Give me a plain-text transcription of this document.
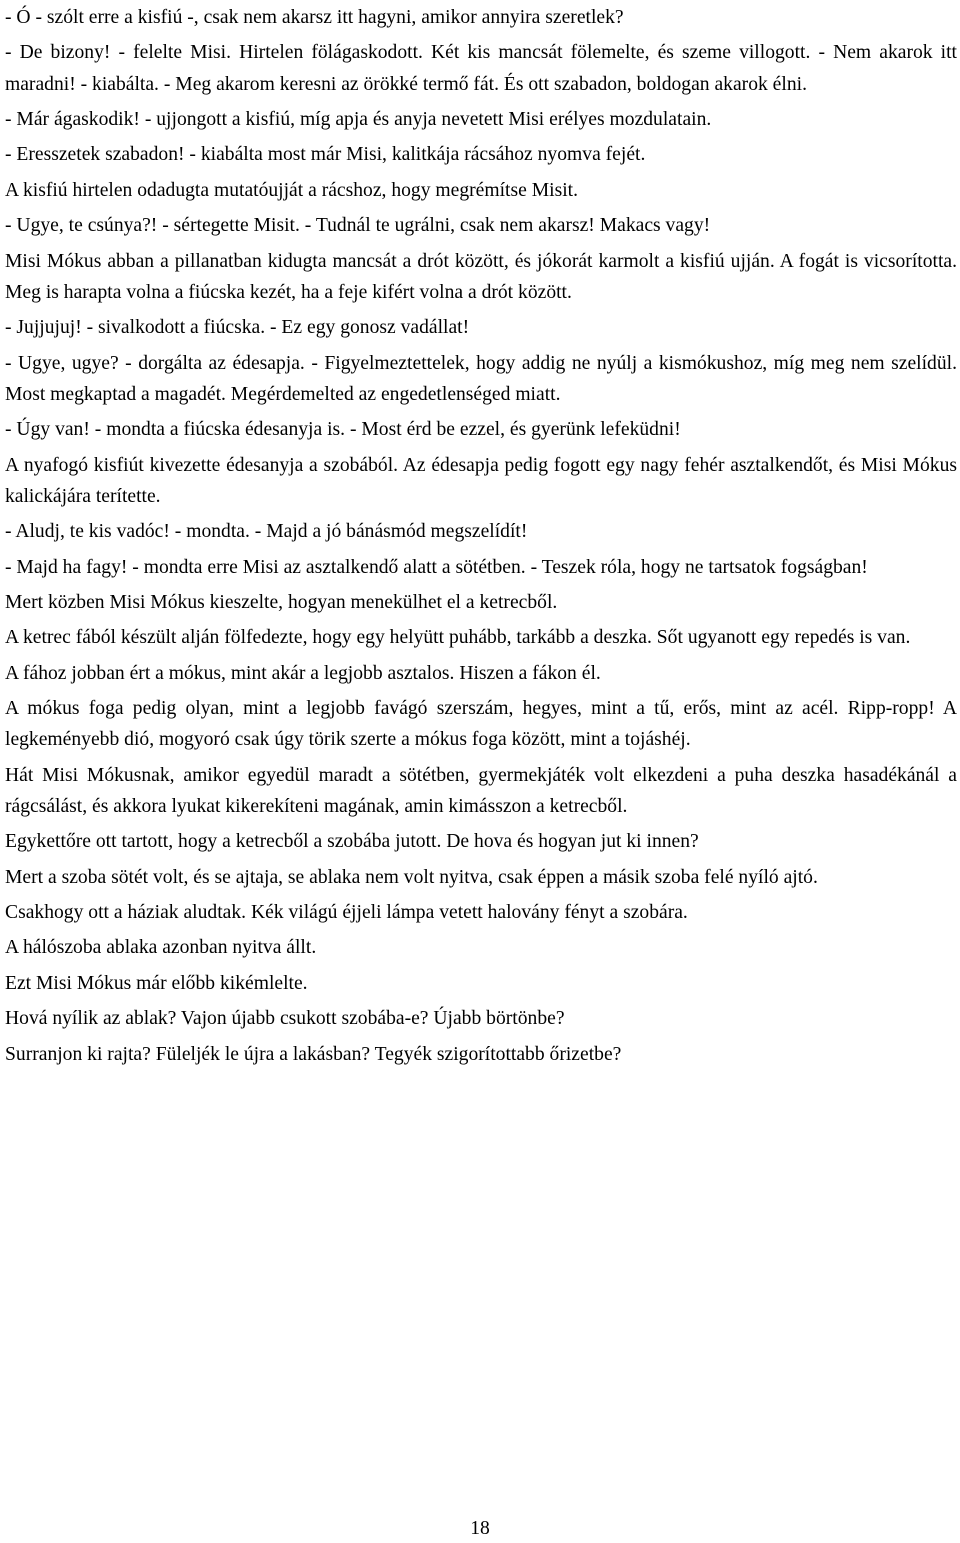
- Ó - szólt erre a kisfiú -, csak nem akarsz itt hagyni, amikor annyira szeretlek?

- De bizony! - felelte Misi. Hirtelen fölágaskodott. Két kis mancsát fölemelte, és szeme villogott. - Nem akarok itt maradni! - kiabálta. - Meg akarom keresni az örökké termő fát. És ott szabadon, boldogan akarok élni.

- Már ágaskodik! - ujjongott a kisfiú, míg apja és anyja nevetett Misi erélyes mozdulatain.

- Eresszetek szabadon! - kiabálta most már Misi, kalitkája rácsához nyomva fejét.

A kisfiú hirtelen odadugta mutatóujját a rácshoz, hogy megrémítse Misit.

- Ugye, te csúnya?! - sértegette Misit. - Tudnál te ugrálni, csak nem akarsz! Makacs vagy!

Misi Mókus abban a pillanatban kidugta mancsát a drót között, és jókorát karmolt a kisfiú ujján. A fogát is vicsorította. Meg is harapta volna a fiúcska kezét, ha a feje kifért volna a drót között.

- Jujjujuj! - sivalkodott a fiúcska. - Ez egy gonosz vadállat!

- Ugye, ugye? - dorgálta az édesapja. - Figyelmeztettelek, hogy addig ne nyúlj a kismókushoz, míg meg nem szelídül. Most megkaptad a magadét. Megérdemelted az engedetlenséged miatt.

- Úgy van! - mondta a fiúcska édesanyja is. - Most érd be ezzel, és gyerünk lefeküdni!

A nyafogó kisfiút kivezette édesanyja a szobából. Az édesapja pedig fogott egy nagy fehér asztalkendőt, és Misi Mókus kalickájára terítette.

- Aludj, te kis vadóc! - mondta. - Majd a jó bánásmód megszelídít!

- Majd ha fagy! - mondta erre Misi az asztalkendő alatt a sötétben. - Teszek róla, hogy ne tartsatok fogságban!

Mert közben Misi Mókus kieszelte, hogyan menekülhet el a ketrecből.

A ketrec fából készült alján fölfedezte, hogy egy helyütt puhább, tarkább a deszka. Sőt ugyanott egy repedés is van.

A fához jobban ért a mókus, mint akár a legjobb asztalos. Hiszen a fákon él.

A mókus foga pedig olyan, mint a legjobb favágó szerszám, hegyes, mint a tű, erős, mint az acél. Ripp-ropp! A legkeményebb dió, mogyoró csak úgy törik szerte a mókus foga között, mint a tojáshéj.

Hát Misi Mókusnak, amikor egyedül maradt a sötétben, gyermekjáték volt elkezdeni a puha deszka hasadékánál a rágcsálást, és akkora lyukat kikerekíteni magának, amin kimásszon a ketrecből.

Egykettőre ott tartott, hogy a ketrecből a szobába jutott. De hova és hogyan jut ki innen?

Mert a szoba sötét volt, és se ajtaja, se ablaka nem volt nyitva, csak éppen a másik szoba felé nyíló ajtó.

Csakhogy ott a háziak aludtak. Kék világú éjjeli lámpa vetett halovány fényt a szobára.

A hálószoba ablaka azonban nyitva állt.

Ezt Misi Mókus már előbb kikémlelte.

Hová nyílik az ablak? Vajon újabb csukott szobába-e? Újabb börtönbe?

Surranjon ki rajta? Füleljék le újra a lakásban? Tegyék szigorítottabb őrizetbe?

18
